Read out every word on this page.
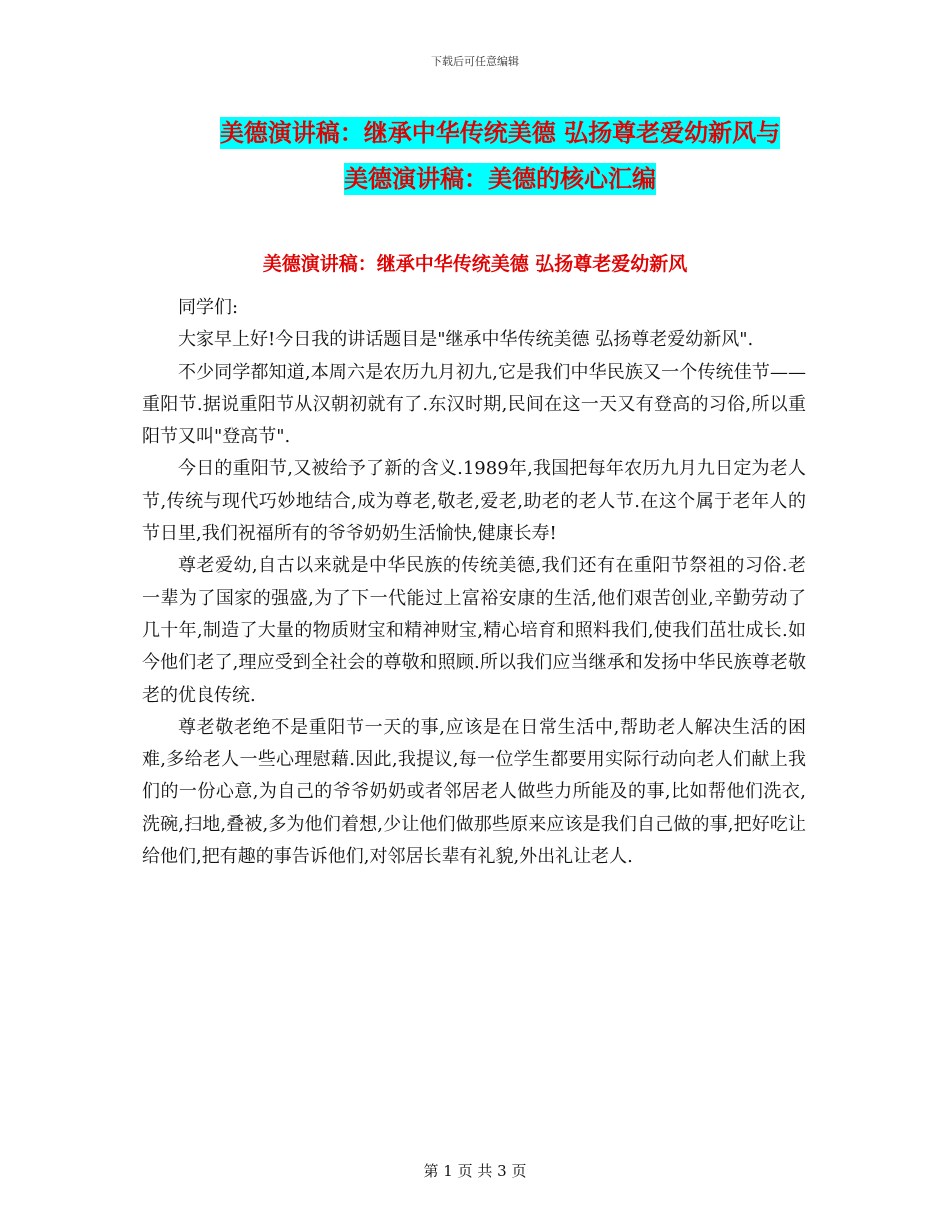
下载后可任意编辑
美德演讲稿：继承中华传统美德 弘扬尊老爱幼新风与
美德演讲稿：美德的核心汇编
美德演讲稿：继承中华传统美德 弘扬尊老爱幼新风

同学们:

大家早上好!今日我的讲话题目是"继承中华传统美德 弘扬尊老爱幼新风".

不少同学都知道,本周六是农历九月初九,它是我们中华民族又一个传统佳节——重阳节.据说重阳节从汉朝初就有了.东汉时期,民间在这一天又有登高的习俗,所以重阳节又叫"登高节".

今日的重阳节,又被给予了新的含义.1989年,我国把每年农历九月九日定为老人节,传统与现代巧妙地结合,成为尊老,敬老,爱老,助老的老人节.在这个属于老年人的节日里,我们祝福所有的爷爷奶奶生活愉快,健康长寿!

尊老爱幼,自古以来就是中华民族的传统美德,我们还有在重阳节祭祖的习俗.老一辈为了国家的强盛,为了下一代能过上富裕安康的生活,他们艰苦创业,辛勤劳动了几十年,制造了大量的物质财宝和精神财宝,精心培育和照料我们,使我们茁壮成长.如今他们老了,理应受到全社会的尊敬和照顾.所以我们应当继承和发扬中华民族尊老敬老的优良传统.

尊老敬老绝不是重阳节一天的事,应该是在日常生活中,帮助老人解决生活的困难,多给老人一些心理慰藉.因此,我提议,每一位学生都要用实际行动向老人们献上我们的一份心意,为自己的爷爷奶奶或者邻居老人做些力所能及的事,比如帮他们洗衣,洗碗,扫地,叠被,多为他们着想,少让他们做那些原来应该是我们自己做的事,把好吃让给他们,把有趣的事告诉他们,对邻居长辈有礼貌,外出礼让老人.

第 1 页 共 3 页
